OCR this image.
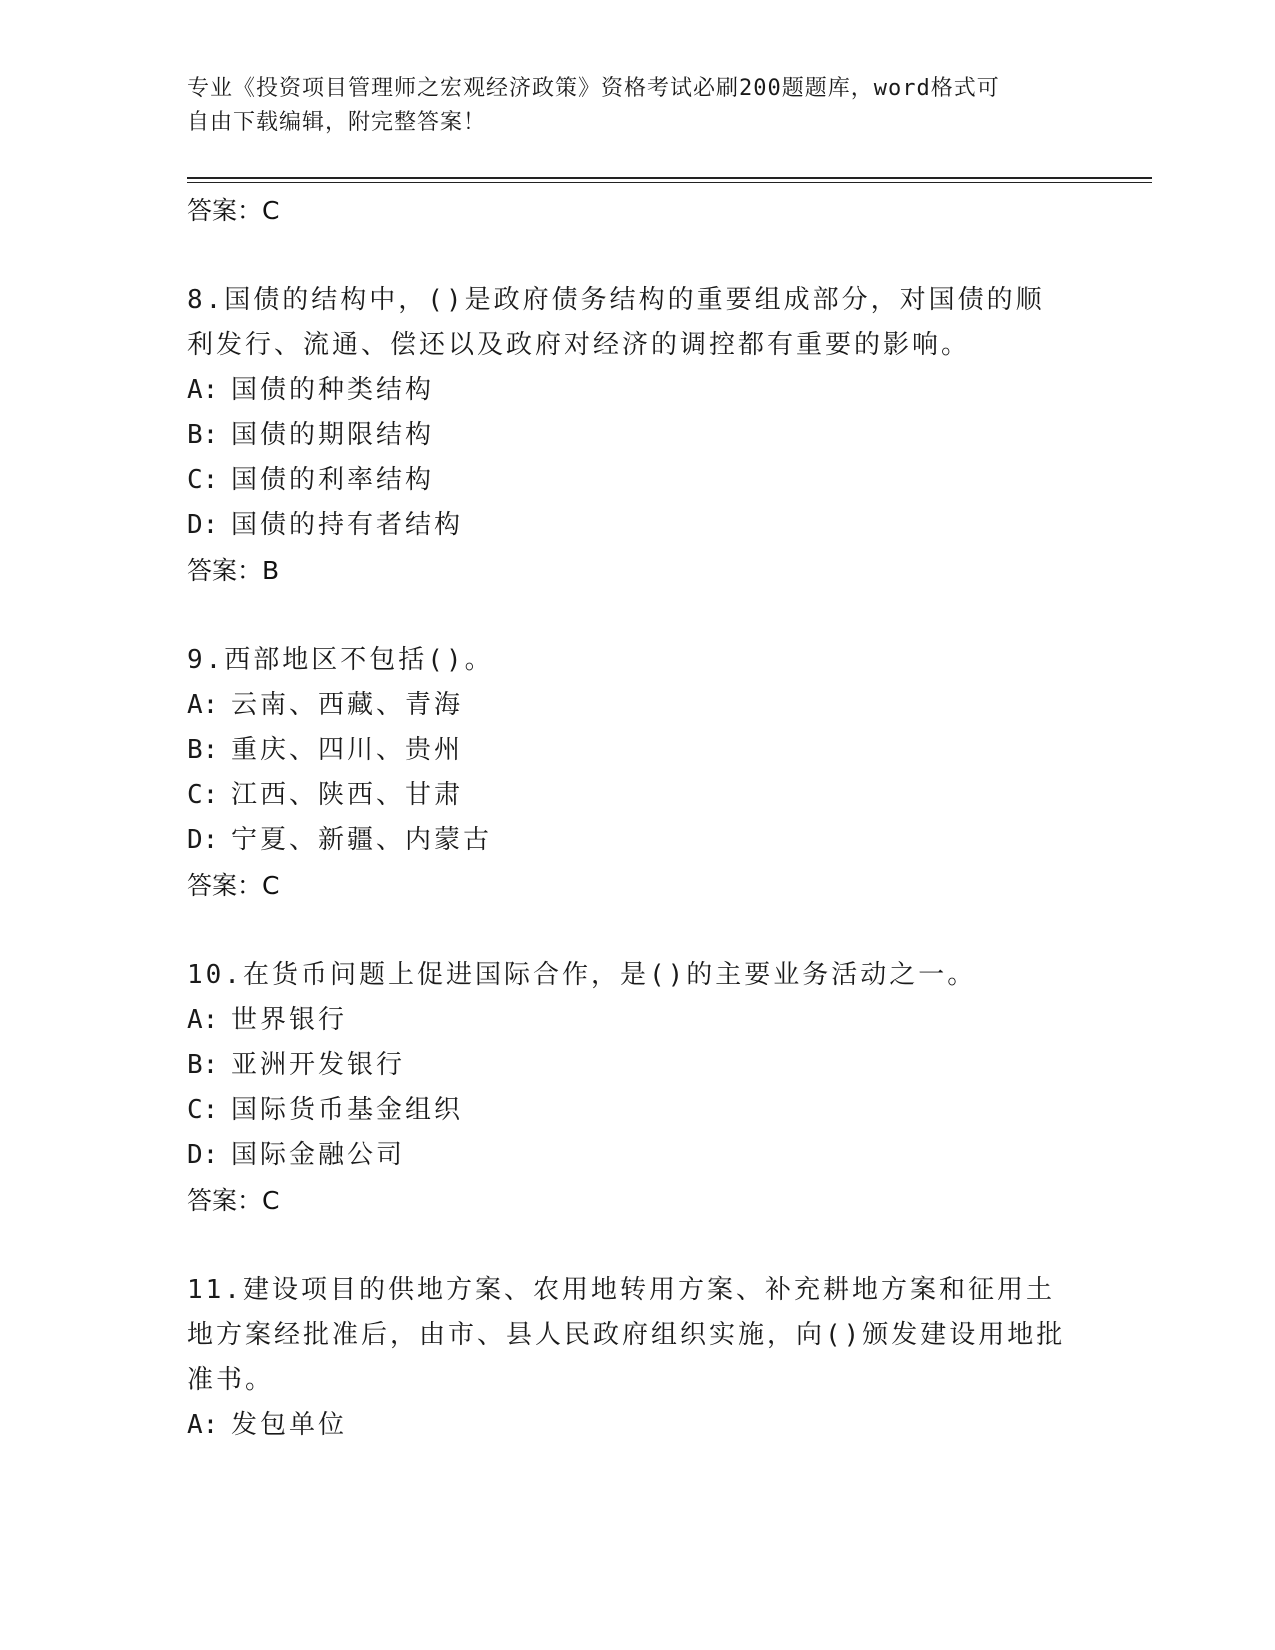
专业《投资项目管理师之宏观经济政策》资格考试必刷200题题库，word格式可
自由下载编辑，附完整答案！
答案：C
8.国债的结构中，()是政府债务结构的重要组成部分，对国债的顺利发行、流通、偿还以及政府对经济的调控都有重要的影响。
A: 国债的种类结构
B: 国债的期限结构
C: 国债的利率结构
D: 国债的持有者结构
答案：B
9.西部地区不包括()。
A: 云南、西藏、青海
B: 重庆、四川、贵州
C: 江西、陕西、甘肃
D: 宁夏、新疆、内蒙古
答案：C
10.在货币问题上促进国际合作，是()的主要业务活动之一。
A: 世界银行
B: 亚洲开发银行
C: 国际货币基金组织
D: 国际金融公司
答案：C
11.建设项目的供地方案、农用地转用方案、补充耕地方案和征用土地方案经批准后，由市、县人民政府组织实施，向()颁发建设用地批准书。
A: 发包单位
